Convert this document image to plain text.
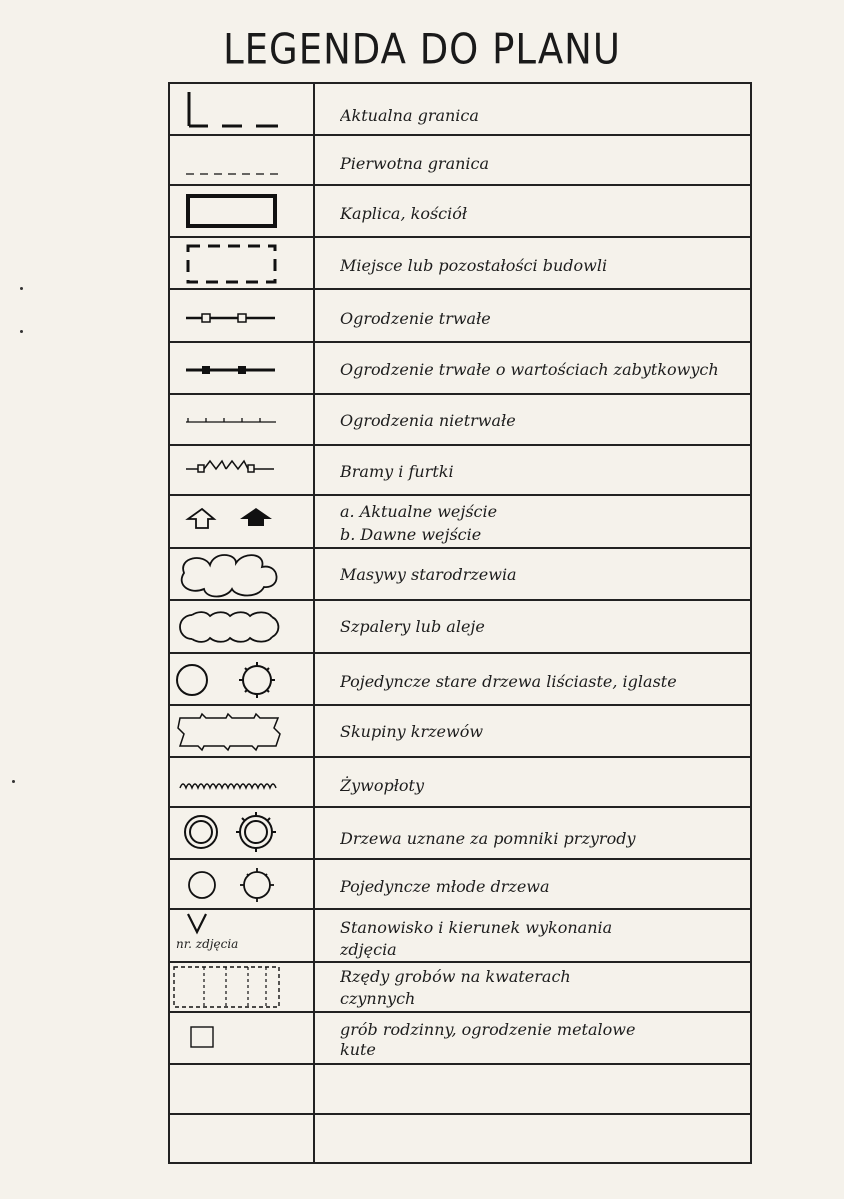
LEGENDA DO PLANU
Aktualna granica
Pierwotna granica
Kaplica, kościół
Miejsce lub pozostałości budowli
Ogrodzenie trwałe
Ogrodzenie trwałe o wartościach zabytkowych
Ogrodzenia nietrwałe
Bramy i furtki
a. Aktualne wejście
b. Dawne wejście
Masywy starodrzewia
Szpalery lub aleje
Pojedyncze stare drzewa liściaste, iglaste
Skupiny krzewów
Żywopłoty
Drzewa uznane za pomniki przyrody
Pojedyncze młode drzewa
nr. zdjęcia
Stanowisko i kierunek wykonania
zdjęcia
Rzędy grobów na kwaterach
czynnych
grób rodzinny, ogrodzenie metalowe
kute
